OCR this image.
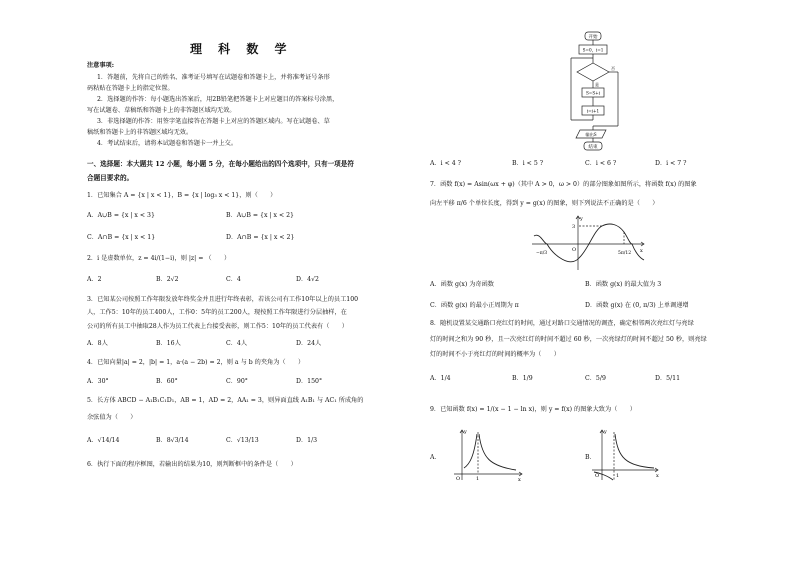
理 科 数 学
注意事项:
1．答题前，先将自己的姓名、准考证号填写在试题卷和答题卡上，并将准考证号条形
码粘贴在答题卡上的指定位置。
2．选择题的作答：每小题选出答案后，用2B铅笔把答题卡上对应题目的答案标号涂黑，
写在试题卷、草稿纸和答题卡上的非答题区域均无效。
3．非选择题的作答：用签字笔直接答在答题卡上对应的答题区域内。写在试题卷、草
稿纸和答题卡上的非答题区域均无效。
4．考试结束后，请将本试题卷和答题卡一并上交。
一、选择题：本大题共 12 小题，每小题 5 分，在每小题给出的四个选项中，只有一项是符
合题目要求的。
1．已知集合 A = {x | x < 1}，B = {x | log₃ x < 1}，则（　　）
A．A∪B = {x | x < 3}	B．A∪B = {x | x < 2}
C．A∩B = {x | x < 1}	D．A∩B = {x | x < 2}
2．i 是虚数单位，z = 4i/(1−i)，则 |z| = （　　）
A．2	B．2√2	C．4	D．4√2
3．已知某公司按照工作年限发放年终奖金并且进行年终表彰，若该公司有工作10年以上的员工100
人，工作5：10年的员工400人，工作0：5年的员工200人，现按照工作年限进行分层抽样，在
公司的所有员工中抽取28人作为员工代表上台接受表彰，则工作5：10年的员工代表有（　　）
A．8人	B．16人	C．4人	D．24人
4．已知向量|a| = 2，|b| = 1，a·(a − 2b) = 2，则 a 与 b 的夹角为（　　）
A．30°	B．60°	C．90°	D．150°
5．长方体 ABCD − A₁B₁C₁D₁，AB = 1，AD = 2，AA₁ = 3，则异面直线 A₁B₁ 与 AC₁ 所成角的
余弦值为（　　）
A．√14/14	B．8√3/14	C．√13/13	D．1/3
6．执行下面的程序框图，若输出的结果为10，则判断框中的条件是（　　）
开始
S=0，i=1
否
是
S=S+i
i=i+1
输出S
结束
A．i < 4 ?	B．i < 5 ?	C．i < 6 ?	D．i < 7 ?
7．函数 f(x) = Asin(ωx + φ)（其中 A > 0，ω > 0）的部分图象如图所示，将函数 f(x) 的图象
向左平移 π/6 个单位长度，得到 y = g(x) 的图象，则下列说法不正确的是（　　）
3
y
−π/3
O
5π/12 x
A．函数 g(x) 为奇函数	B．函数 g(x) 的最大值为 3
C．函数 g(x) 的最小正周期为 π	D．函数 g(x) 在 (0, π/3) 上单调递增
8．随机设置某交通路口亮红灯的时间，通过对路口交通情况的调查，确定相邻两次亮红灯与亮绿
灯的时间之和为 90 秒，且一次亮红灯的时间不超过 60 秒，一次亮绿灯的时间不超过 50 秒，则亮绿
灯的时间不小于亮红灯的时间的概率为（　　）
A．1/4	B．1/9	C．5/9	D．5/11
9．已知函数 f(x) = 1/(x − 1 − ln x)，则 y = f(x) 的图象大致为（　　）
A．
y
O	1	x
B．
y
O	1	x
